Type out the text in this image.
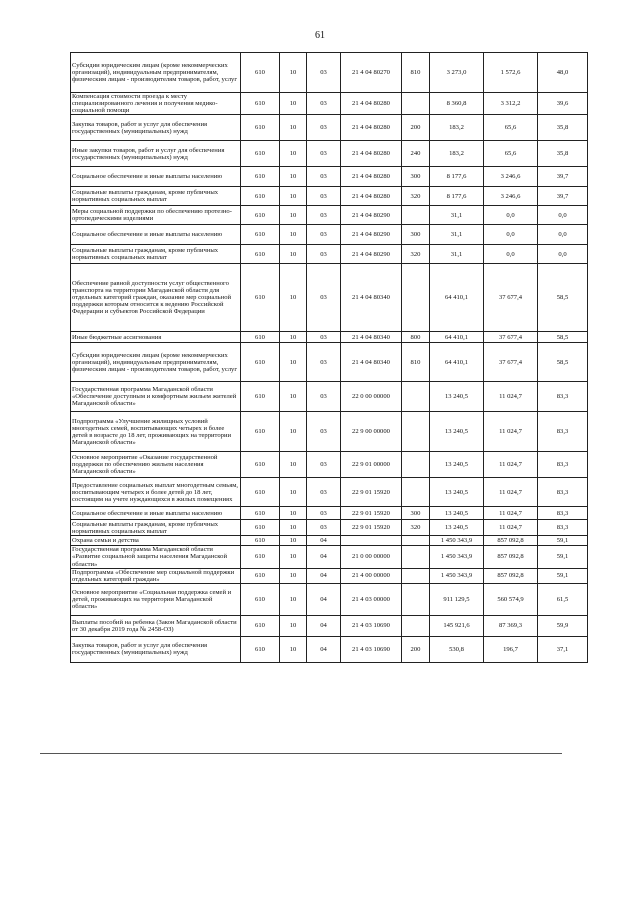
61
Субсидии юридическим лицам (кроме некоммерческих организаций), индивидуальным предпринимателям, физическим лицам - производителям товаров, работ, услуг	610	10	03	21 4 04 80270	810	3 273,0	1 572,6	48,0
Компенсация стоимости проезда к месту специализированного лечения и получения медико-социальной помощи	610	10	03	21 4 04 80280		8 360,8	3 312,2	39,6
Закупка товаров, работ и услуг для обеспечения государственных (муниципальных) нужд	610	10	03	21 4 04 80280	200	183,2	65,6	35,8
Иные закупки товаров, работ и услуг для обеспечения государственных (муниципальных) нужд	610	10	03	21 4 04 80280	240	183,2	65,6	35,8
Социальное обеспечение и иные выплаты населению	610	10	03	21 4 04 80280	300	8 177,6	3 246,6	39,7
Социальные выплаты гражданам, кроме публичных нормативных социальных выплат	610	10	03	21 4 04 80280	320	8 177,6	3 246,6	39,7
Меры социальной поддержки по обеспечению протезно-ортопедическими изделиями	610	10	03	21 4 04 80290		31,1	0,0	0,0
Социальное обеспечение и иные выплаты населению	610	10	03	21 4 04 80290	300	31,1	0,0	0,0
Социальные выплаты гражданам, кроме публичных нормативных социальных выплат	610	10	03	21 4 04 80290	320	31,1	0,0	0,0
Обеспечение равной доступности услуг общественного транспорта на территории Магаданской области для отдельных категорий граждан, оказание мер социальной поддержки которым относится к ведению Российской Федерации и субъектов Российской Федерации	610	10	03	21 4 04 80340		64 410,1	37 677,4	58,5
Иные бюджетные ассигнования	610	10	03	21 4 04 80340	800	64 410,1	37 677,4	58,5
Субсидии юридическим лицам (кроме некоммерческих организаций), индивидуальным предпринимателям, физическим лицам - производителям товаров, работ, услуг	610	10	03	21 4 04 80340	810	64 410,1	37 677,4	58,5
Государственная программа Магаданской области «Обеспечение доступным и комфортным жильем жителей Магаданской области»	610	10	03	22 0 00 00000		13 240,5	11 024,7	83,3
Подпрограмма «Улучшение жилищных условий многодетных семей, воспитывающих четырех и более детей в возрасте до 18 лет, проживающих на территории Магаданской области»	610	10	03	22 9 00 00000		13 240,5	11 024,7	83,3
Основное мероприятие «Оказание государственной поддержки по обеспечению жильем населения Магаданской области»	610	10	03	22 9 01 00000		13 240,5	11 024,7	83,3
Предоставление социальных выплат многодетным семьям, воспитывающим четырех и более детей до 18 лет, состоящим на учете нуждающихся в жилых помещениях	610	10	03	22 9 01 15920		13 240,5	11 024,7	83,3
Социальное обеспечение и иные выплаты населению	610	10	03	22 9 01 15920	300	13 240,5	11 024,7	83,3
Социальные выплаты гражданам, кроме публичных нормативных социальных выплат	610	10	03	22 9 01 15920	320	13 240,5	11 024,7	83,3
Охрана семьи и детства	610	10	04			1 450 343,9	857 092,8	59,1
Государственная программа Магаданской области «Развитие социальной защиты населения Магаданской области»	610	10	04	21 0 00 00000		1 450 343,9	857 092,8	59,1
Подпрограмма «Обеспечение мер социальной поддержки отдельных категорий граждан»	610	10	04	21 4 00 00000		1 450 343,9	857 092,8	59,1
Основное мероприятие «Социальная поддержка семей и детей, проживающих на территории Магаданской области»	610	10	04	21 4 03 00000		911 129,5	560 574,9	61,5
Выплаты пособий на ребенка (Закон Магаданской области от 30 декабря 2019 года № 2458-ОЗ)	610	10	04	21 4 03 10690		145 921,6	87 369,3	59,9
Закупка товаров, работ и услуг для обеспечения государственных (муниципальных) нужд	610	10	04	21 4 03 10690	200	530,8	196,7	37,1
